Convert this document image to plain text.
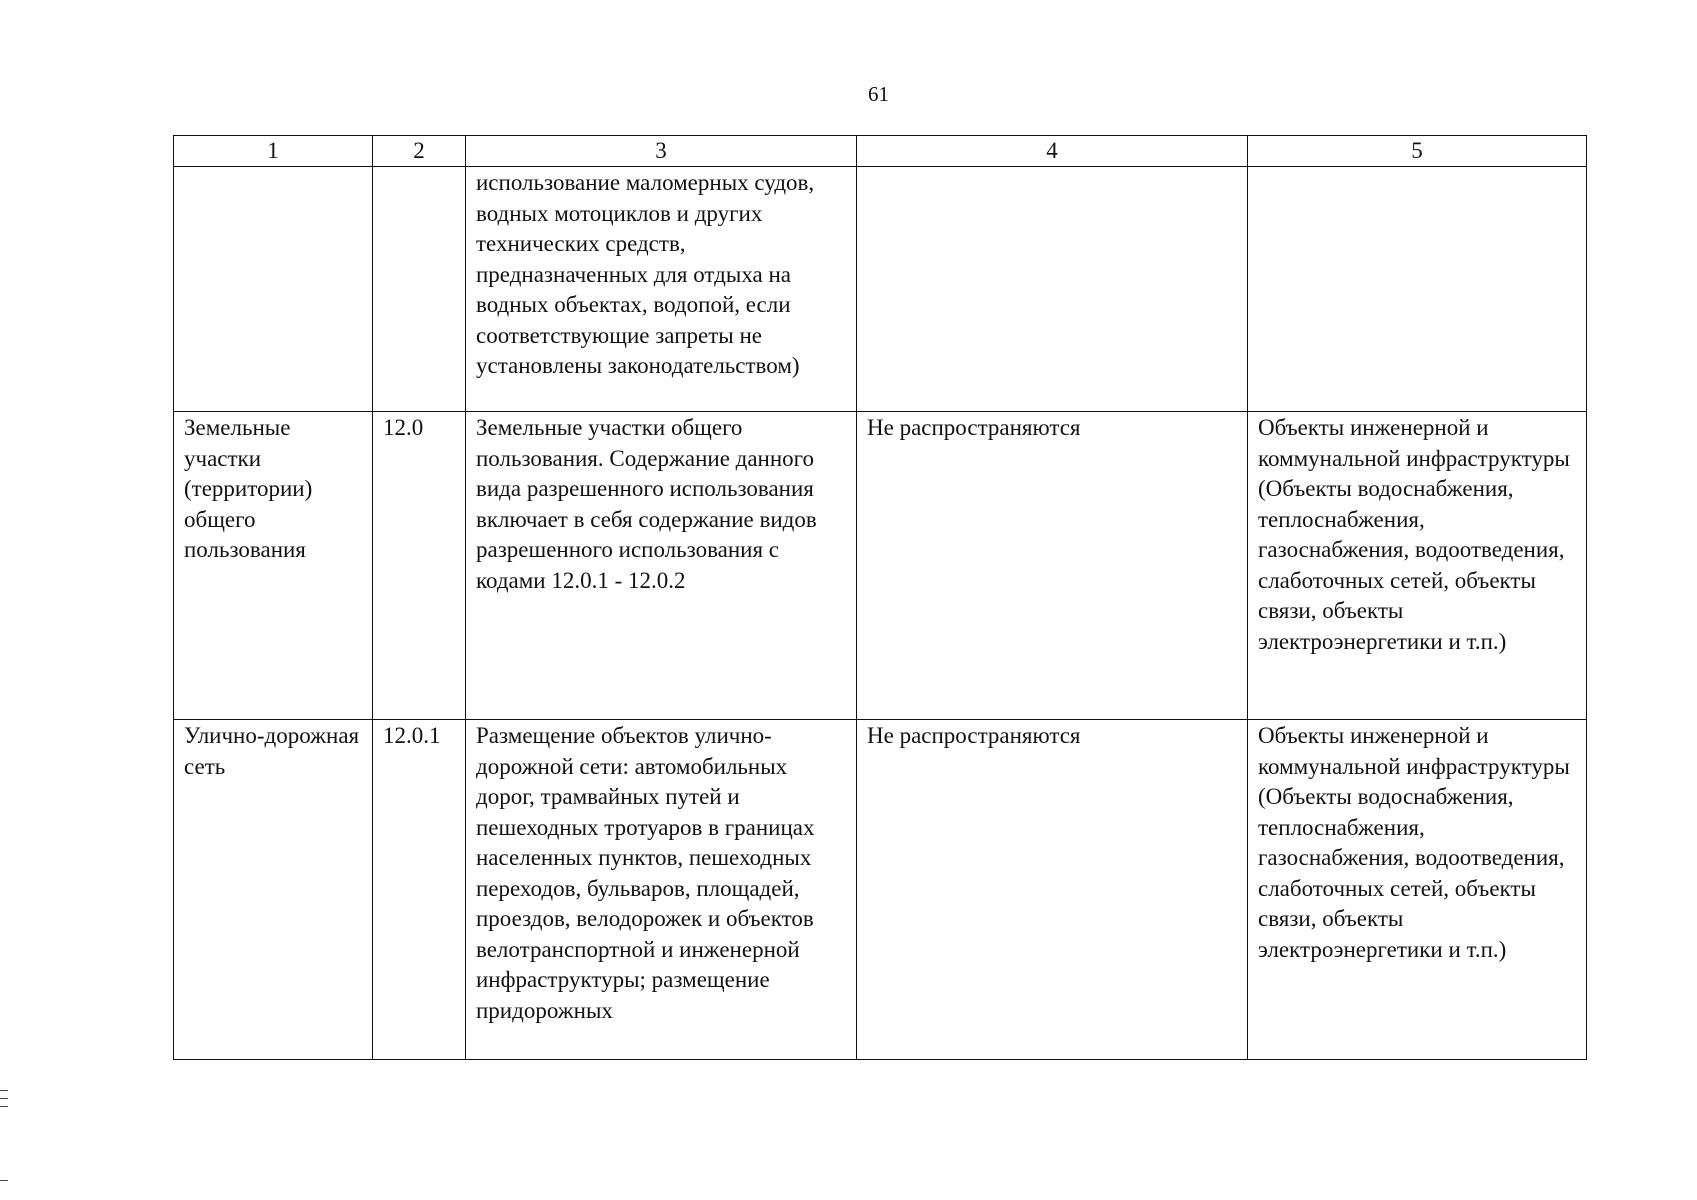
61
1	2	3	4	5

		использование маломерных судов, водных мотоциклов и других технических средств, предназначенных для отдыха на водных объектах, водопой, если соответствующие запреты не установлены законодательством)		

Земельные участки (территории) общего пользования	12.0	Земельные участки общего пользования. Содержание данного вида разрешенного использования включает в себя содержание видов разрешенного использования с кодами 12.0.1 - 12.0.2	Не распространяются	Объекты инженерной и коммунальной инфраструктуры (Объекты водоснабжения, теплоснабжения, газоснабжения, водоотведения, слаботочных сетей, объекты связи, объекты электроэнергетики и т.п.)

Улично-дорожная сеть	12.0.1	Размещение объектов улично-дорожной сети: автомобильных дорог, трамвайных путей и пешеходных тротуаров в границах населенных пунктов, пешеходных переходов, бульваров, площадей, проездов, велодорожек и объектов велотранспортной и инженерной инфраструктуры; размещение придорожных	Не распространяются	Объекты инженерной и коммунальной инфраструктуры (Объекты водоснабжения, теплоснабжения, газоснабжения, водоотведения, слаботочных сетей, объекты связи, объекты электроэнергетики и т.п.)
